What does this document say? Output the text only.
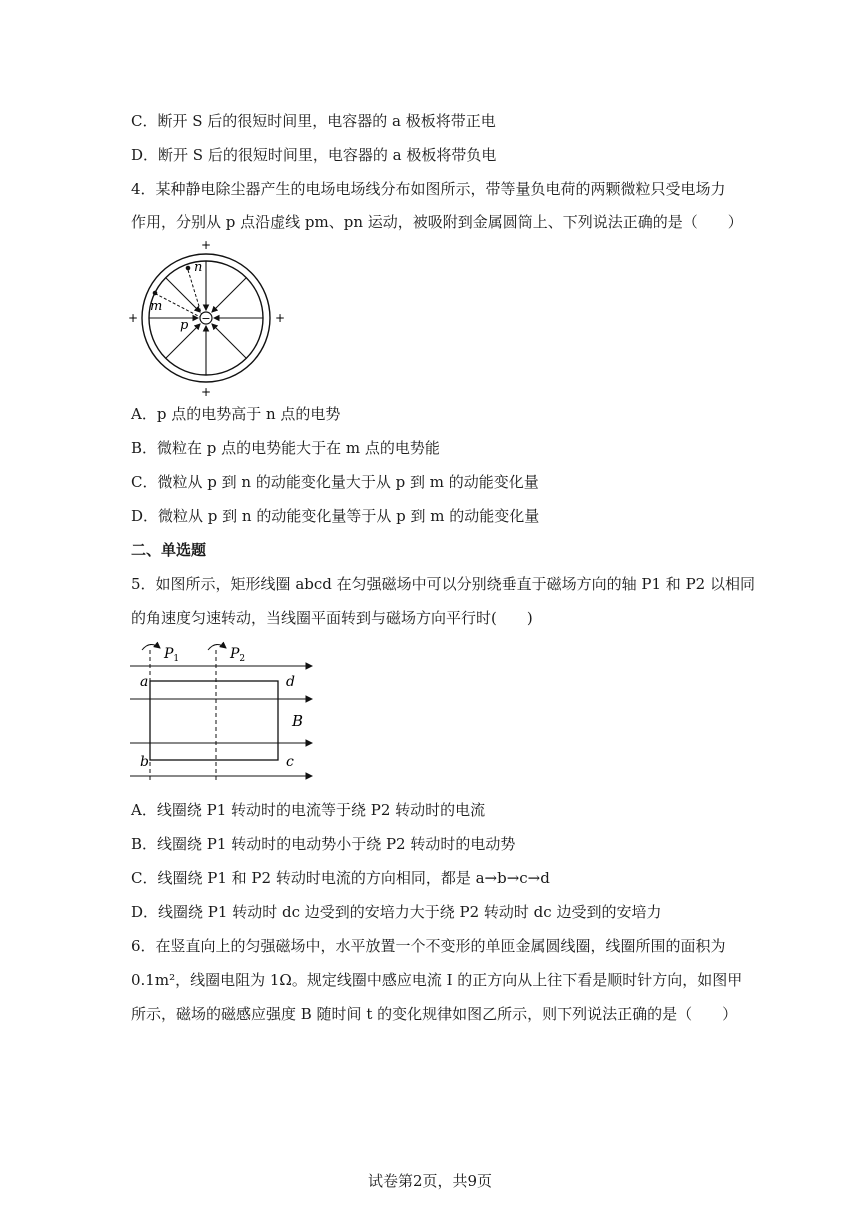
C．断开 S 后的很短时间里，电容器的 a 极板将带正电
D．断开 S 后的很短时间里，电容器的 a 极板将带负电
4．某种静电除尘器产生的电场电场线分布如图所示，带等量负电荷的两颗微粒只受电场力
作用，分别从 p 点沿虚线 pm、pn 运动，被吸附到金属圆筒上、下列说法正确的是（　　）
−
+
+
+	+
n
m
p
A．p 点的电势高于 n 点的电势
B．微粒在 p 点的电势能大于在 m 点的电势能
C．微粒从 p 到 n 的动能变化量大于从 p 到 m 的动能变化量
D．微粒从 p 到 n 的动能变化量等于从 p 到 m 的动能变化量
二、单选题
5．如图所示，矩形线圈 abcd 在匀强磁场中可以分别绕垂直于磁场方向的轴 P1 和 P2 以相同
的角速度匀速转动，当线圈平面转到与磁场方向平行时(　　)
$P_1$	$P_2$
a	d
b	c
B
A．线圈绕 P1 转动时的电流等于绕 P2 转动时的电流
B．线圈绕 P1 转动时的电动势小于绕 P2 转动时的电动势
C．线圈绕 P1 和 P2 转动时电流的方向相同，都是 a→b→c→d
D．线圈绕 P1 转动时 dc 边受到的安培力大于绕 P2 转动时 dc 边受到的安培力
6．在竖直向上的匀强磁场中，水平放置一个不变形的单匝金属圆线圈，线圈所围的面积为
0.1m²，线圈电阻为 1Ω。规定线圈中感应电流 I 的正方向从上往下看是顺时针方向，如图甲
所示，磁场的磁感应强度 B 随时间 t 的变化规律如图乙所示，则下列说法正确的是（　　）
试卷第2页，共9页
